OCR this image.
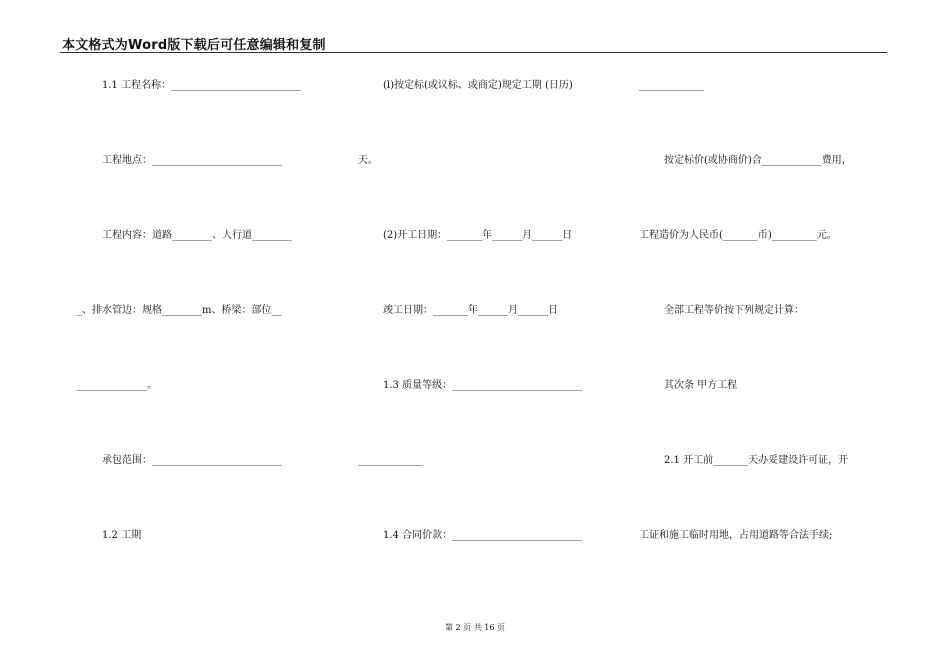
本文格式为Word版下载后可任意编辑和复制
1.1 工程名称：__________________________
工程地点：__________________________
工程内容：道路________、人行道________
_、排水管边：规格________m、桥梁：部位__
______________。
承包范围：__________________________
1.2 工期
(l)按定标(或议标、或商定)规定工期 (日历)
天。
(2)开工日期：_______年______月______日
竣工日期：_______年______月______日
1.3 质量等级：__________________________
_____________
1.4 合同价款：__________________________
_____________
按定标价(或协商价)合____________费用，
工程造价为人民币(_______币)_________元。
全部工程等价按下列规定计算：
其次条 甲方工程
2.1 开工前_______天办妥建设许可证，开
工证和施工临时用地，占用道路等合法手续;
第 2 页 共 16 页
